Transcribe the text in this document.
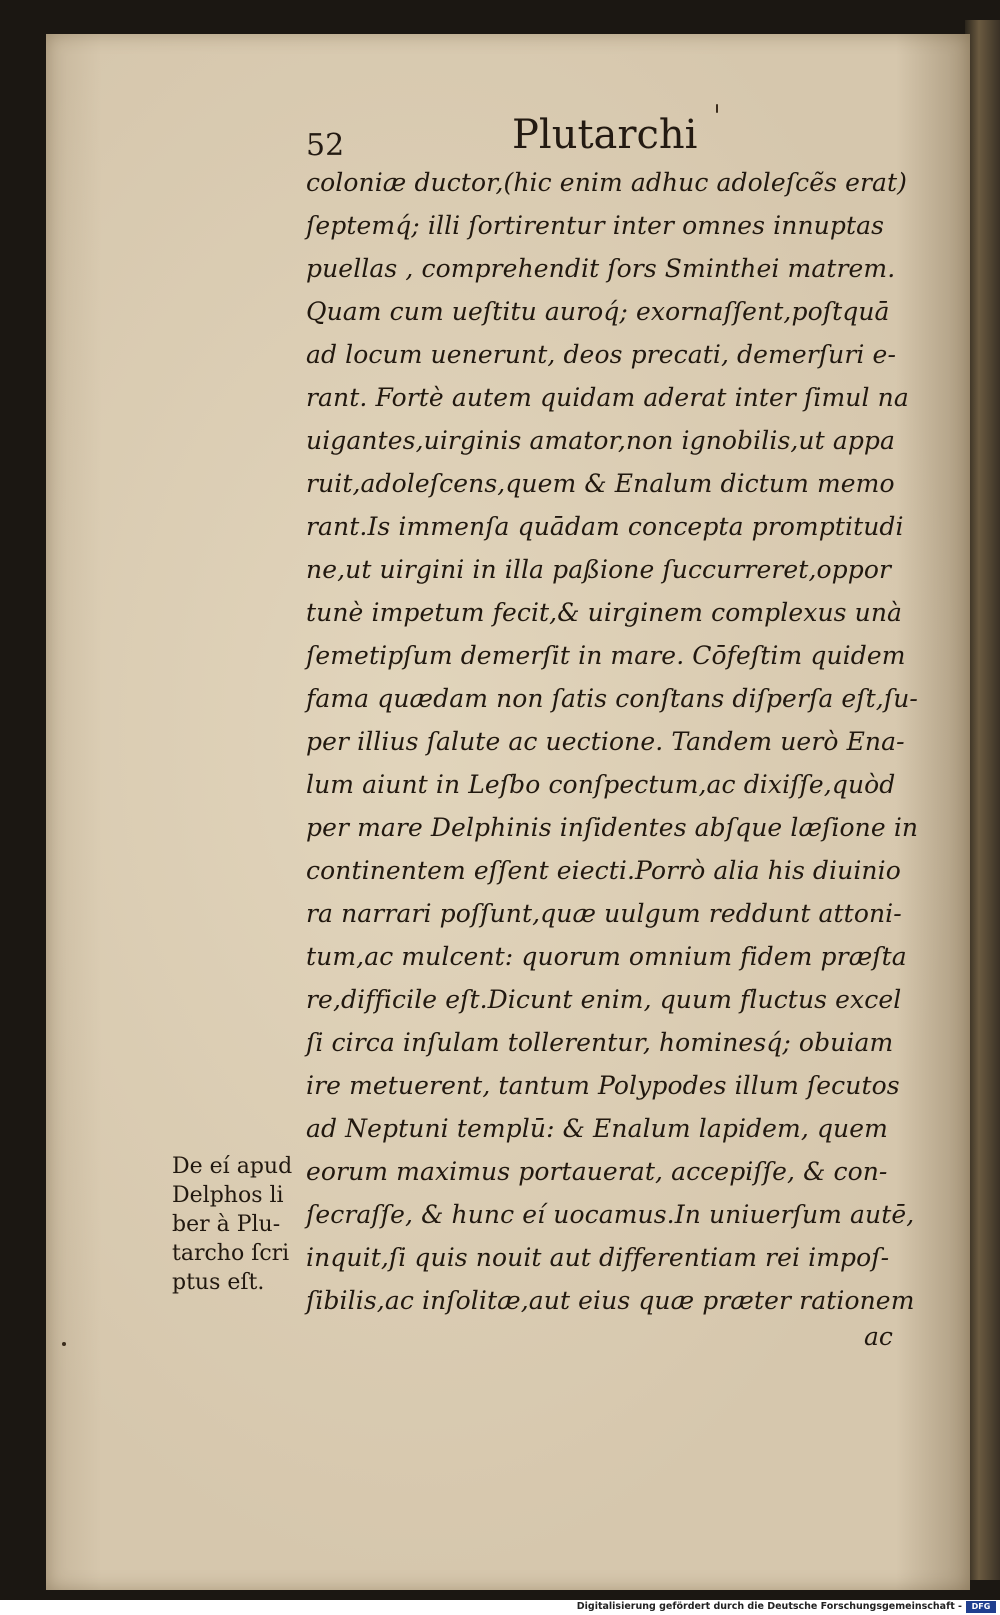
52	Plutarchi
coloniæ ductor,(hic enim adhuc adoleſcẽs erat)
ſeptemq́; illi ſortirentur inter omnes innuptas
puellas , comprehendit ſors Sminthei matrem.
Quam cum ueſtitu auroq́; exornaſſent,poſtquā
ad locum uenerunt, deos precati, demerſuri e-
rant. Fortè autem quidam aderat inter ſimul na
uigantes,uirginis amator,non ignobilis,ut appa
ruit,adoleſcens,quem & Enalum dictum memo
rant.Is immenſa quādam concepta promptitudi
ne,ut uirgini in illa paßione ſuccurreret,oppor
tunè impetum fecit,& uirginem complexus unà
ſemetipſum demerſit in mare. Cōfeſtim quidem
fama quædam non ſatis conſtans diſperſa eſt,ſu-
per illius ſalute ac uectione. Tandem uerò Ena-
lum aiunt in Leſbo conſpectum,ac dixiſſe,quòd
per mare Delphinis inſidentes abſque læſione in
continentem eſſent eiecti.Porrò alia his diuinio
ra narrari poſſunt,quæ uulgum reddunt attoni-
tum,ac mulcent: quorum omnium fidem præſta
re,difficile eſt.Dicunt enim, quum fluctus excel
ſi circa inſulam tollerentur, hominesq́; obuiam
ire metuerent, tantum Polypodes illum ſecutos
ad Neptuni templū: & Enalum lapidem, quem
eorum maximus portauerat, accepiſſe, & con-
ſecraſſe, & hunc eí uocamus.In uniuerſum autē,
inquit,ſi quis nouit aut differentiam rei impoſ-
ſibilis,ac inſolitæ,aut eius quæ præter rationem
ac
De eí apud
Delphos li
ber à Plu-
tarcho ſcri
ptus eſt.
Digitalisierung gefördert durch die Deutsche Forschungsgemeinschaft -	DFG
